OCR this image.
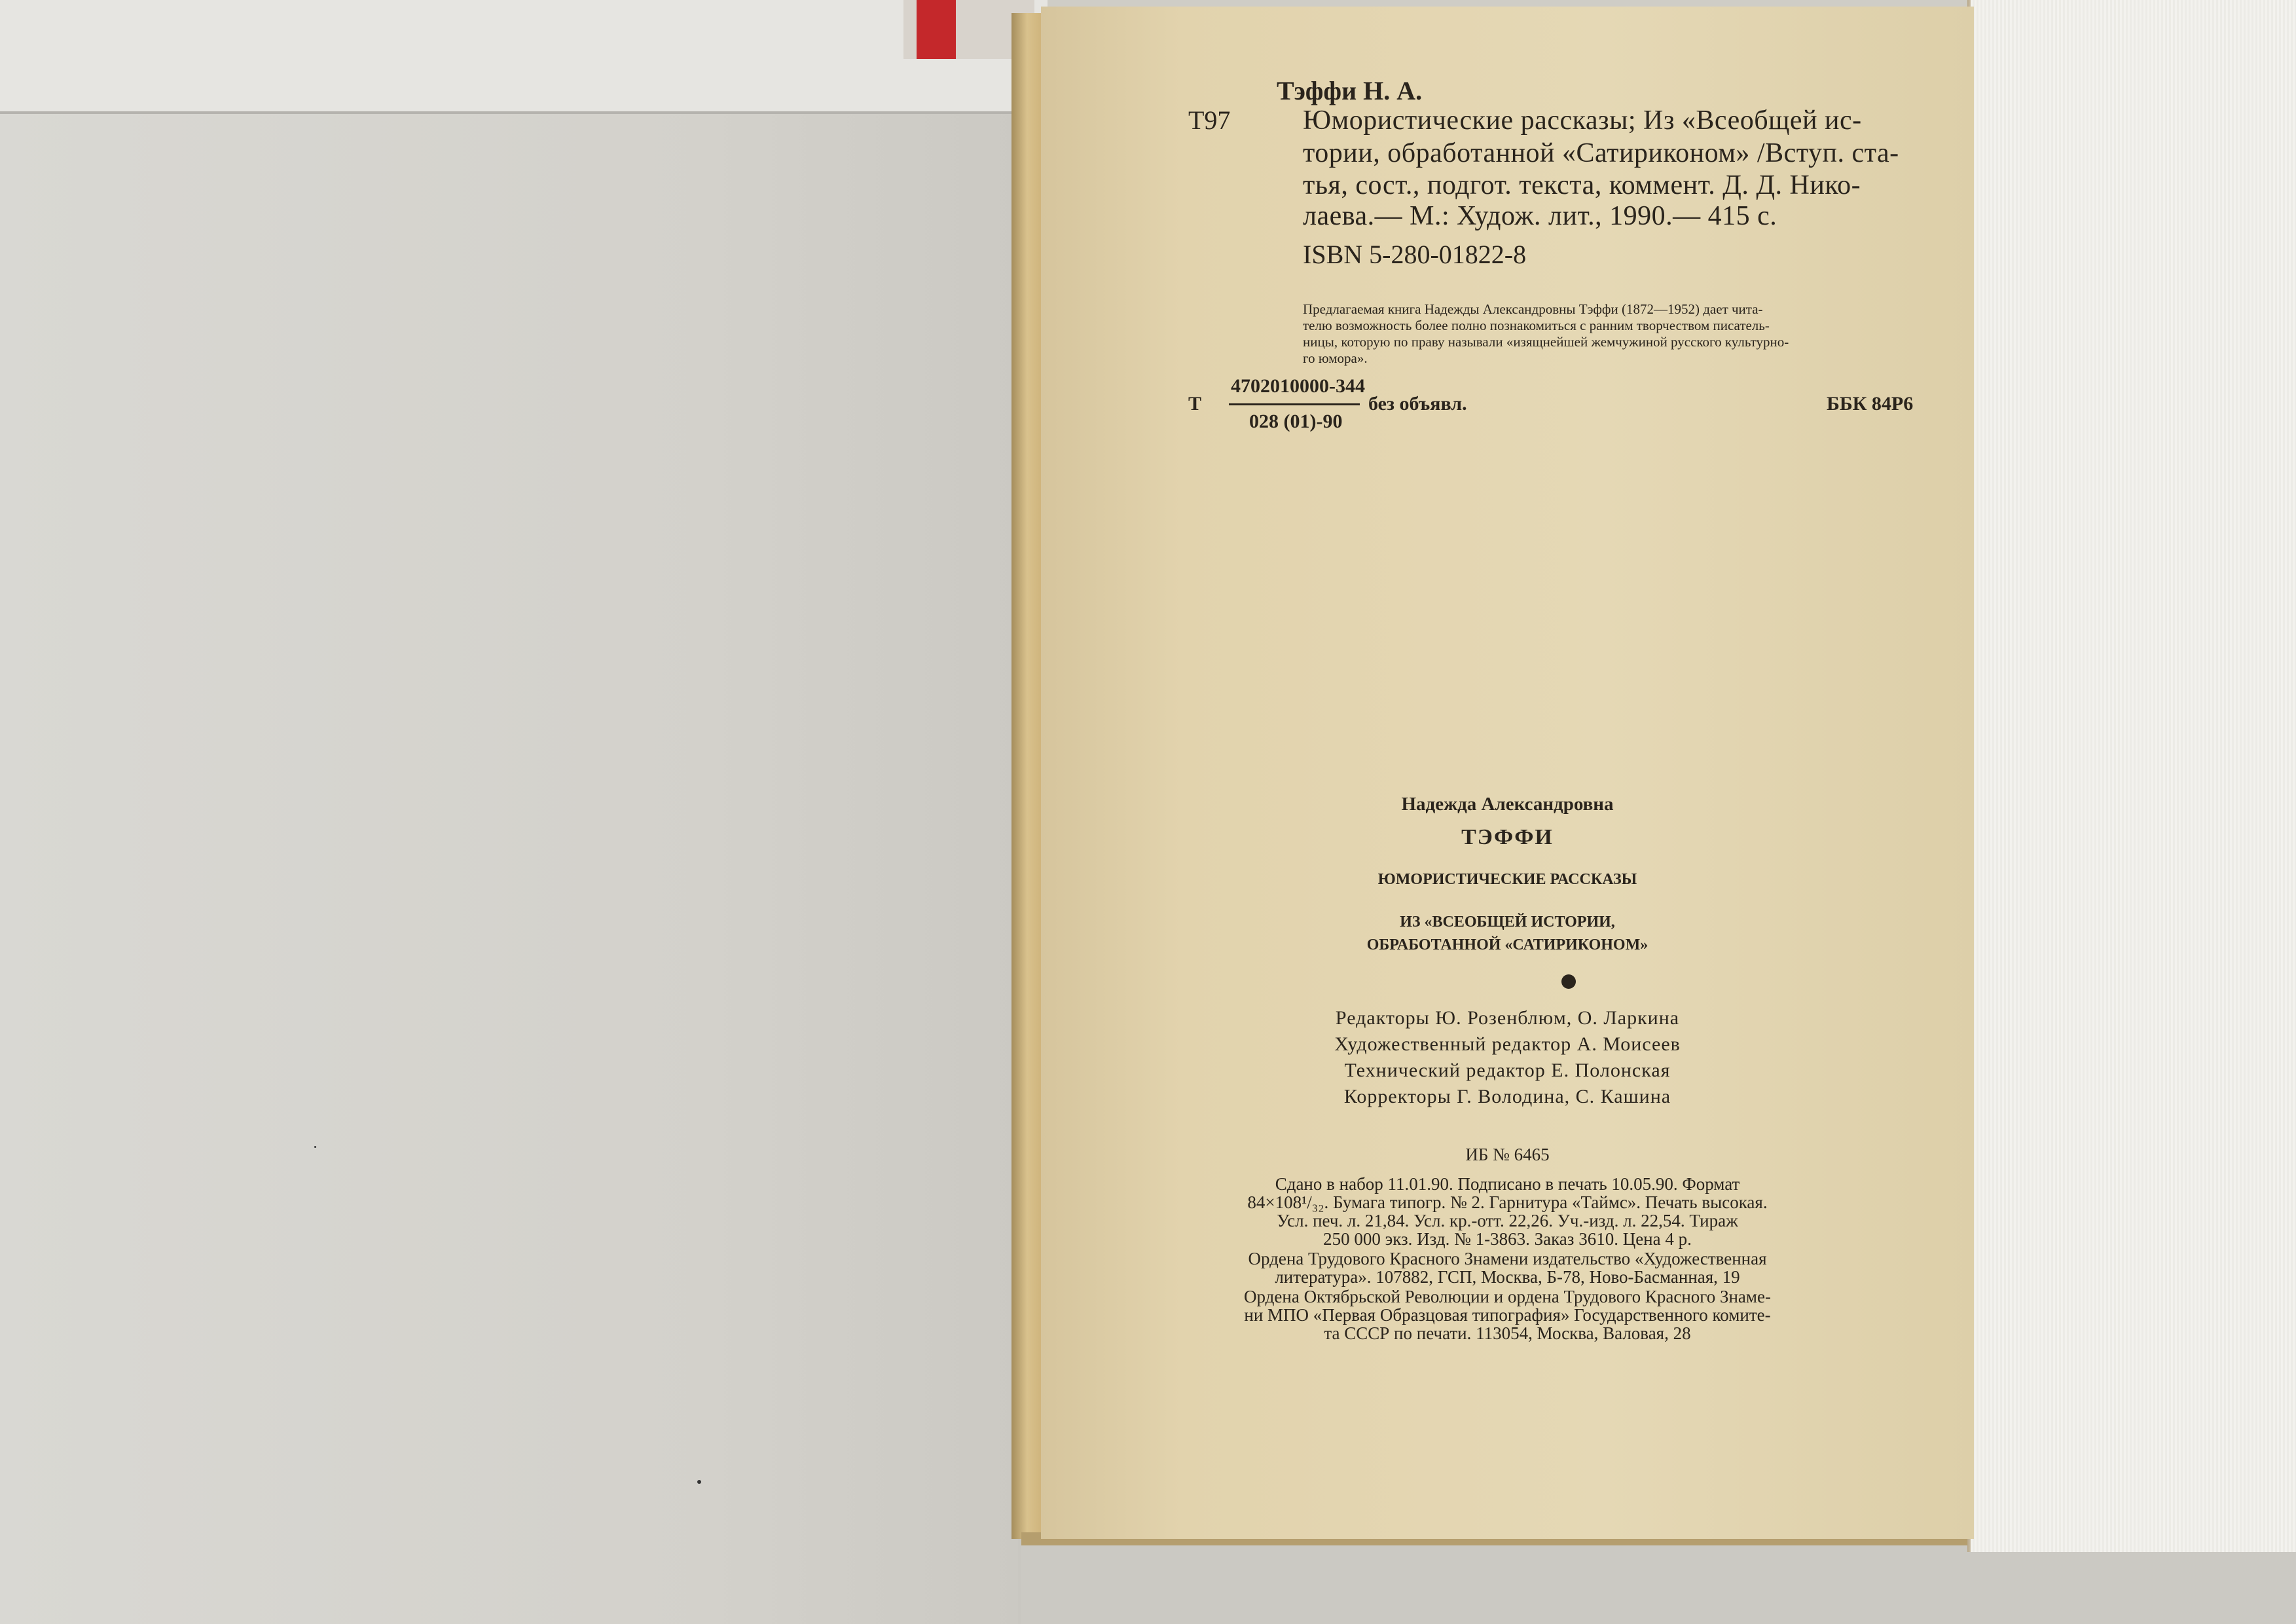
Тэффи Н. А.
Т97	Юмористические рассказы; Из «Всеобщей ис-
тории, обработанной «Сатириконом» /Вступ. ста-
тья, сост., подгот. текста, коммент. Д. Д. Нико-
лаева.— М.: Худож. лит., 1990.— 415 с.
ISBN 5-280-01822-8
Предлагаемая книга Надежды Александровны Тэффи (1872—1952) дает чита-
телю возможность более полно познакомиться с ранним творчеством писатель-
ницы, которую по праву называли «изящнейшей жемчужиной русского культурно-
го юмора».
Т
4702010000-344
028 (01)-90
без объявл.	ББК 84Р6
Надежда Александровна
ТЭФФИ
ЮМОРИСТИЧЕСКИЕ РАССКАЗЫ
ИЗ «ВСЕОБЩЕЙ ИСТОРИИ,
ОБРАБОТАННОЙ «САТИРИКОНОМ»
Редакторы Ю. Розенблюм, О. Ларкина
Художественный редактор А. Моисеев
Технический редактор Е. Полонская
Корректоры Г. Володина, С. Кашина
ИБ № 6465
Сдано в набор 11.01.90. Подписано в печать 10.05.90. Формат
84×108¹/₃₂. Бумага типогр. № 2. Гарнитура «Таймс». Печать высокая.
Усл. печ. л. 21,84. Усл. кр.-отт. 22,26. Уч.-изд. л. 22,54. Тираж
250 000 экз. Изд. № 1-3863. Заказ 3610. Цена 4 р.
Ордена Трудового Красного Знамени издательство «Художественная
литература». 107882, ГСП, Москва, Б-78, Ново-Басманная, 19
Ордена Октябрьской Революции и ордена Трудового Красного Знаме-
ни МПО «Первая Образцовая типография» Государственного комите-
та СССР по печати. 113054, Москва, Валовая, 28
